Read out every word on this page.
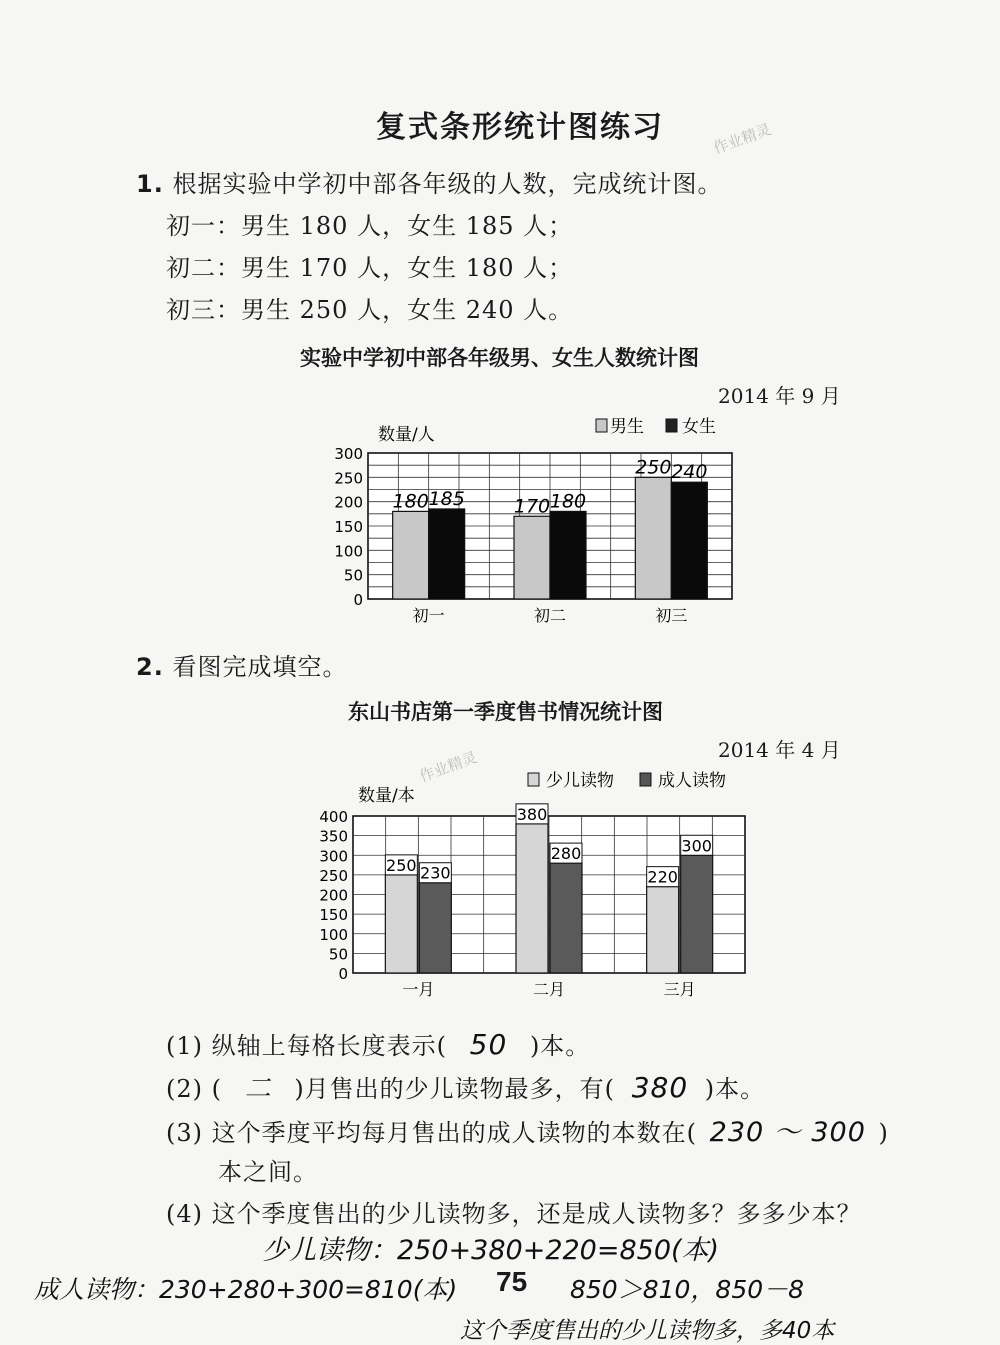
复式条形统计图练习	作业精灵
1. 根据实验中学初中部各年级的人数，完成统计图。
初一：男生 180 人，女生 185 人；
初二：男生 170 人，女生 180 人；
初三：男生 250 人，女生 240 人。
实验中学初中部各年级男、女生人数统计图
2014 年 9 月
数量/人	男生 女生
300
250
200
150
100
50
0
180 185	170 180
250 240
初一	初二	初三
2. 看图完成填空。
东山书店第一季度售书情况统计图
2014 年 4 月
作业精灵
数量/本
少儿读物	成人读物
400
350
300
250
200
150
100
50
0
250 230
380
280
220
300
一月	二月	三月
(1) 纵轴上每格长度表示( 50 )本。
(2) ( 二 )月售出的少儿读物最多，有( 380 )本。
(3) 这个季度平均每月售出的成人读物的本数在( 230 ～ 300 )
本之间。
(4) 这个季度售出的少儿读物多，还是成人读物多？多多少本？
少儿读物：250+380+220=850(本)
成人读物：230+280+300=810(本) 75 850＞810，850－8
这个季度售出的少儿读物多，多40本
